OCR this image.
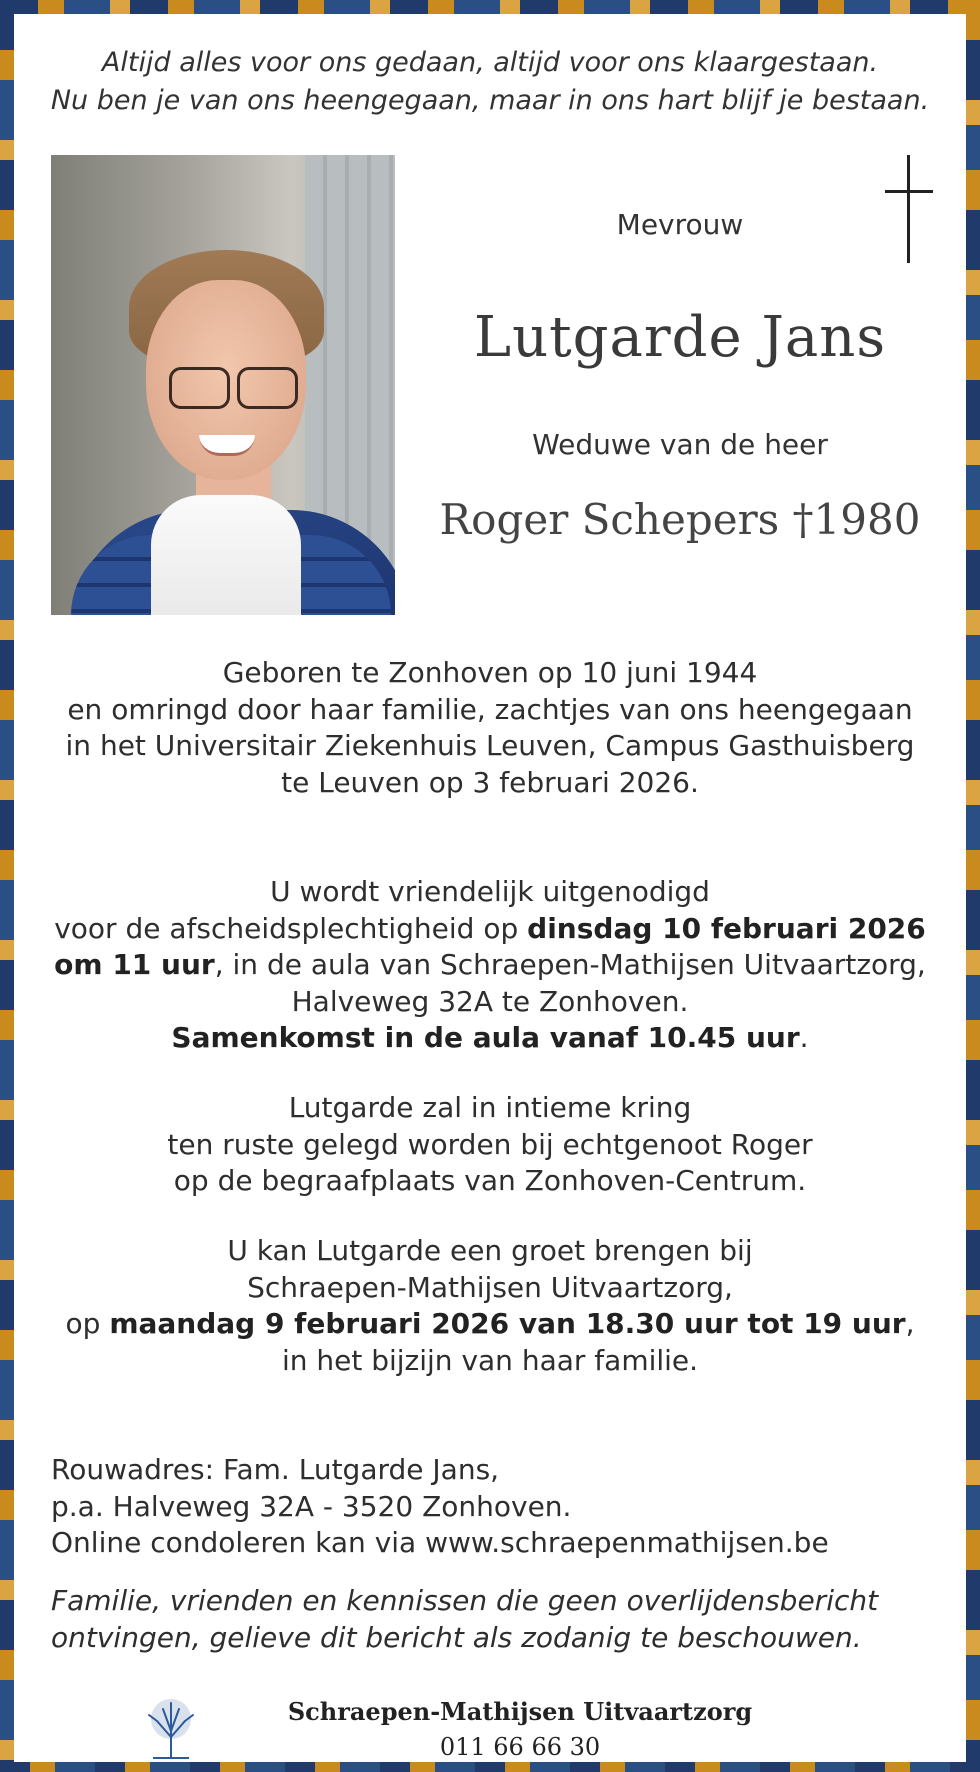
Altijd alles voor ons gedaan, altijd voor ons klaargestaan.
Nu ben je van ons heengegaan, maar in ons hart blijf je bestaan.
Mevrouw
Lutgarde Jans
Weduwe van de heer
Roger Schepers †1980
Geboren te Zonhoven op 10 juni 1944
en omringd door haar familie, zachtjes van ons heengegaan
in het Universitair Ziekenhuis Leuven, Campus Gasthuisberg
te Leuven op 3 februari 2026.
U wordt vriendelijk uitgenodigd
voor de afscheidsplechtigheid op dinsdag 10 februari 2026
om 11 uur, in de aula van Schraepen-Mathijsen Uitvaartzorg,
Halveweg 32A te Zonhoven.
Samenkomst in de aula vanaf 10.45 uur.
Lutgarde zal in intieme kring
ten ruste gelegd worden bij echtgenoot Roger
op de begraafplaats van Zonhoven-Centrum.
U kan Lutgarde een groet brengen bij
Schraepen-Mathijsen Uitvaartzorg,
op maandag 9 februari 2026 van 18.30 uur tot 19 uur,
in het bijzijn van haar familie.
Rouwadres: Fam. Lutgarde Jans,
p.a. Halveweg 32A - 3520 Zonhoven.
Online condoleren kan via www.schraepenmathijsen.be
Familie, vrienden en kennissen die geen overlijdensbericht
ontvingen, gelieve dit bericht als zodanig te beschouwen.
Schraepen-Mathijsen Uitvaartzorg
011 66 66 30
